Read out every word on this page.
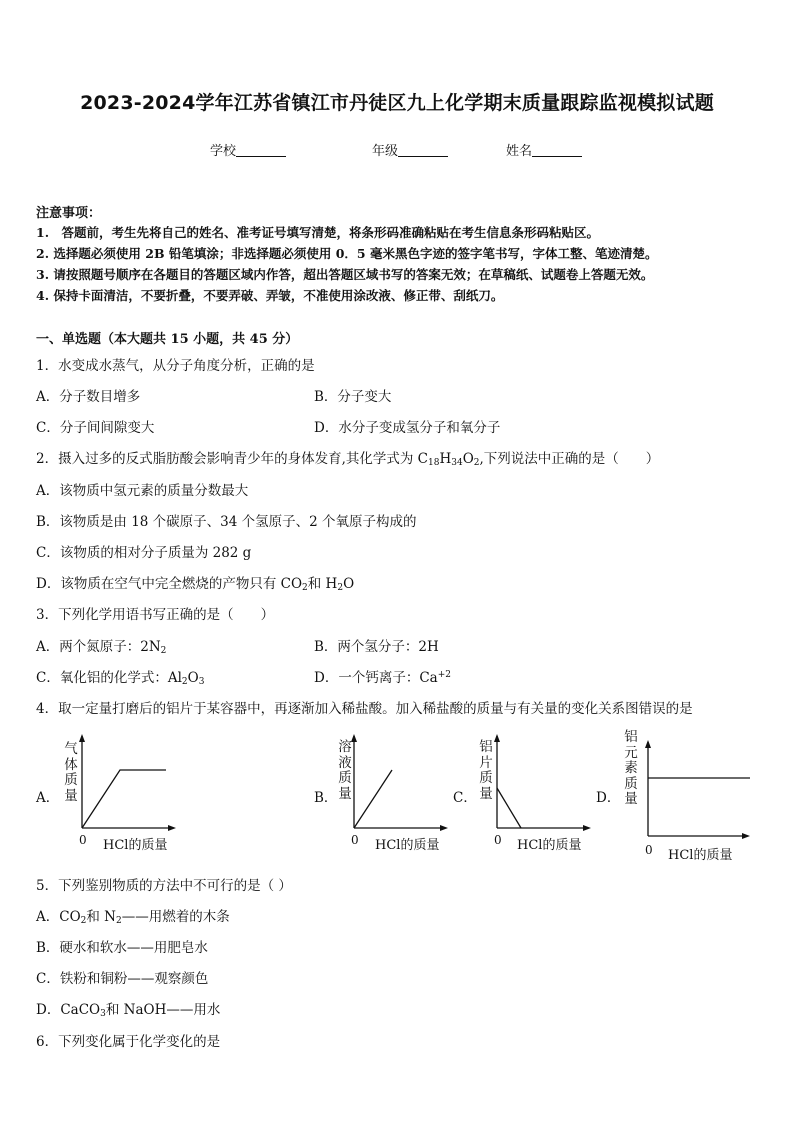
2023-2024学年江苏省镇江市丹徒区九上化学期末质量跟踪监视模拟试题
学校	年级	姓名
注意事项：
1.　答题前，考生先将自己的姓名、准考证号填写清楚，将条形码准确粘贴在考生信息条形码粘贴区。
2. 选择题必须使用 2B 铅笔填涂；非选择题必须使用 0．5 毫米黑色字迹的签字笔书写，字体工整、笔迹清楚。
3. 请按照题号顺序在各题目的答题区域内作答，超出答题区域书写的答案无效；在草稿纸、试题卷上答题无效。
4. 保持卡面清洁，不要折叠，不要弄破、弄皱，不准使用涂改液、修正带、刮纸刀。
一、单选题（本大题共 15 小题，共 45 分）
1．水变成水蒸气，从分子角度分析，正确的是
A．分子数目增多	B．分子变大
C．分子间间隙变大	D．水分子变成氢分子和氧分子
2．摄入过多的反式脂肪酸会影响青少年的身体发育,其化学式为 $C_{18}H_{34}O_2$,下列说法中正确的是（　　）
A．该物质中氢元素的质量分数最大
B．该物质是由 18 个碳原子、34 个氢原子、2 个氧原子构成的
C．该物质的相对分子质量为 282 g
D．该物质在空气中完全燃烧的产物只有 $CO_2$和 $H_2O$
3．下列化学用语书写正确的是（　　）
A．两个氮原子：$2N_2$	B．两个氢分子：2H
C．氧化铝的化学式：$Al_2O_3$	D．一个钙离子：$Ca^{+2}$
4．取一定量打磨后的铝片于某容器中，再逐渐加入稀盐酸。加入稀盐酸的质量与有关量的变化关系图错误的是
A．
气体质量
0 HCl的质量
B．
溶液质量
0 HCl的质量
C．
铝片质量
0 HCl的质量
D．
铝元素质量
0 HCl的质量
5．下列鉴别物质的方法中不可行的是（ ）
A．$CO_2$和 $N_2——$用燃着的木条
B．硬水和软水——用肥皂水
C．铁粉和铜粉——观察颜色
D．CaCO$_3$和 NaOH——用水
6．下列变化属于化学变化的是
